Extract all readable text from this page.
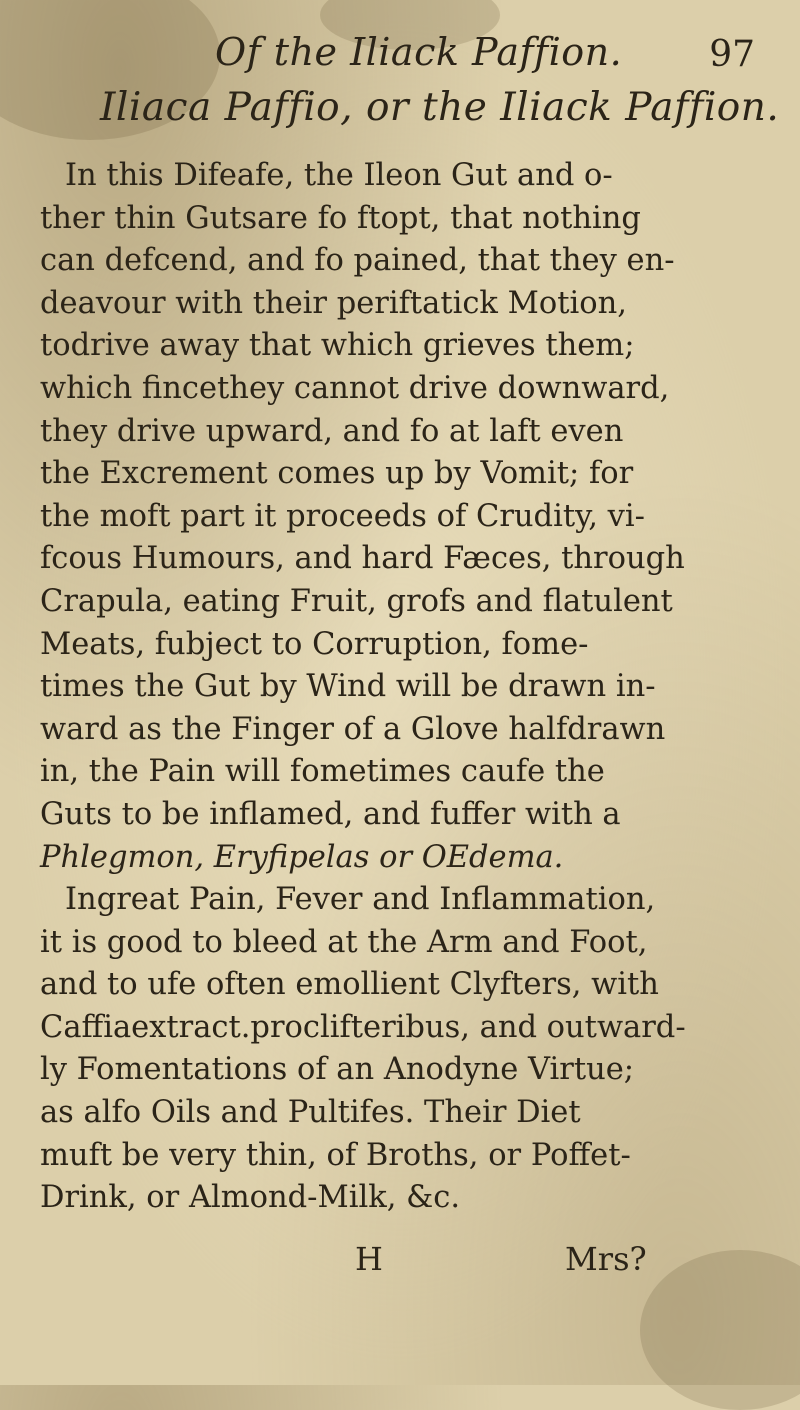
Of the Iliack Paffion. 97
Iliaca Paffio, or the Iliack Paffion.
In this Difeafe, the Ileon Gut and o-
ther thin Gutsare fo ftopt, that nothing
can defcend, and fo pained, that they en-
deavour with their periftatick Motion,
todrive away that which grieves them;
which fincethey cannot drive downward,
they drive upward, and fo at laft even
the Excrement comes up by Vomit; for
the moft part it proceeds of Crudity, vi-
fcous Humours, and hard Fæces, through
Crapula, eating Fruit, grofs and flatulent
Meats, fubject to Corruption, fome-
times the Gut by Wind will be drawn in-
ward as the Finger of a Glove halfdrawn
in, the Pain will fometimes caufe the
Guts to be inflamed, and fuffer with a
Phlegmon, Eryfipelas or OEdema.
Ingreat Pain, Fever and Inflammation,
it is good to bleed at the Arm and Foot,
and to ufe often emollient Clyfters, with
Caffiaextract.proclifteribus, and outward-
ly Fomentations of an Anodyne Virtue;
as alfo Oils and Pultifes. Their Diet
muft be very thin, of Broths, or Poffet-
Drink, or Almond-Milk, &c.
H	Mrs?
